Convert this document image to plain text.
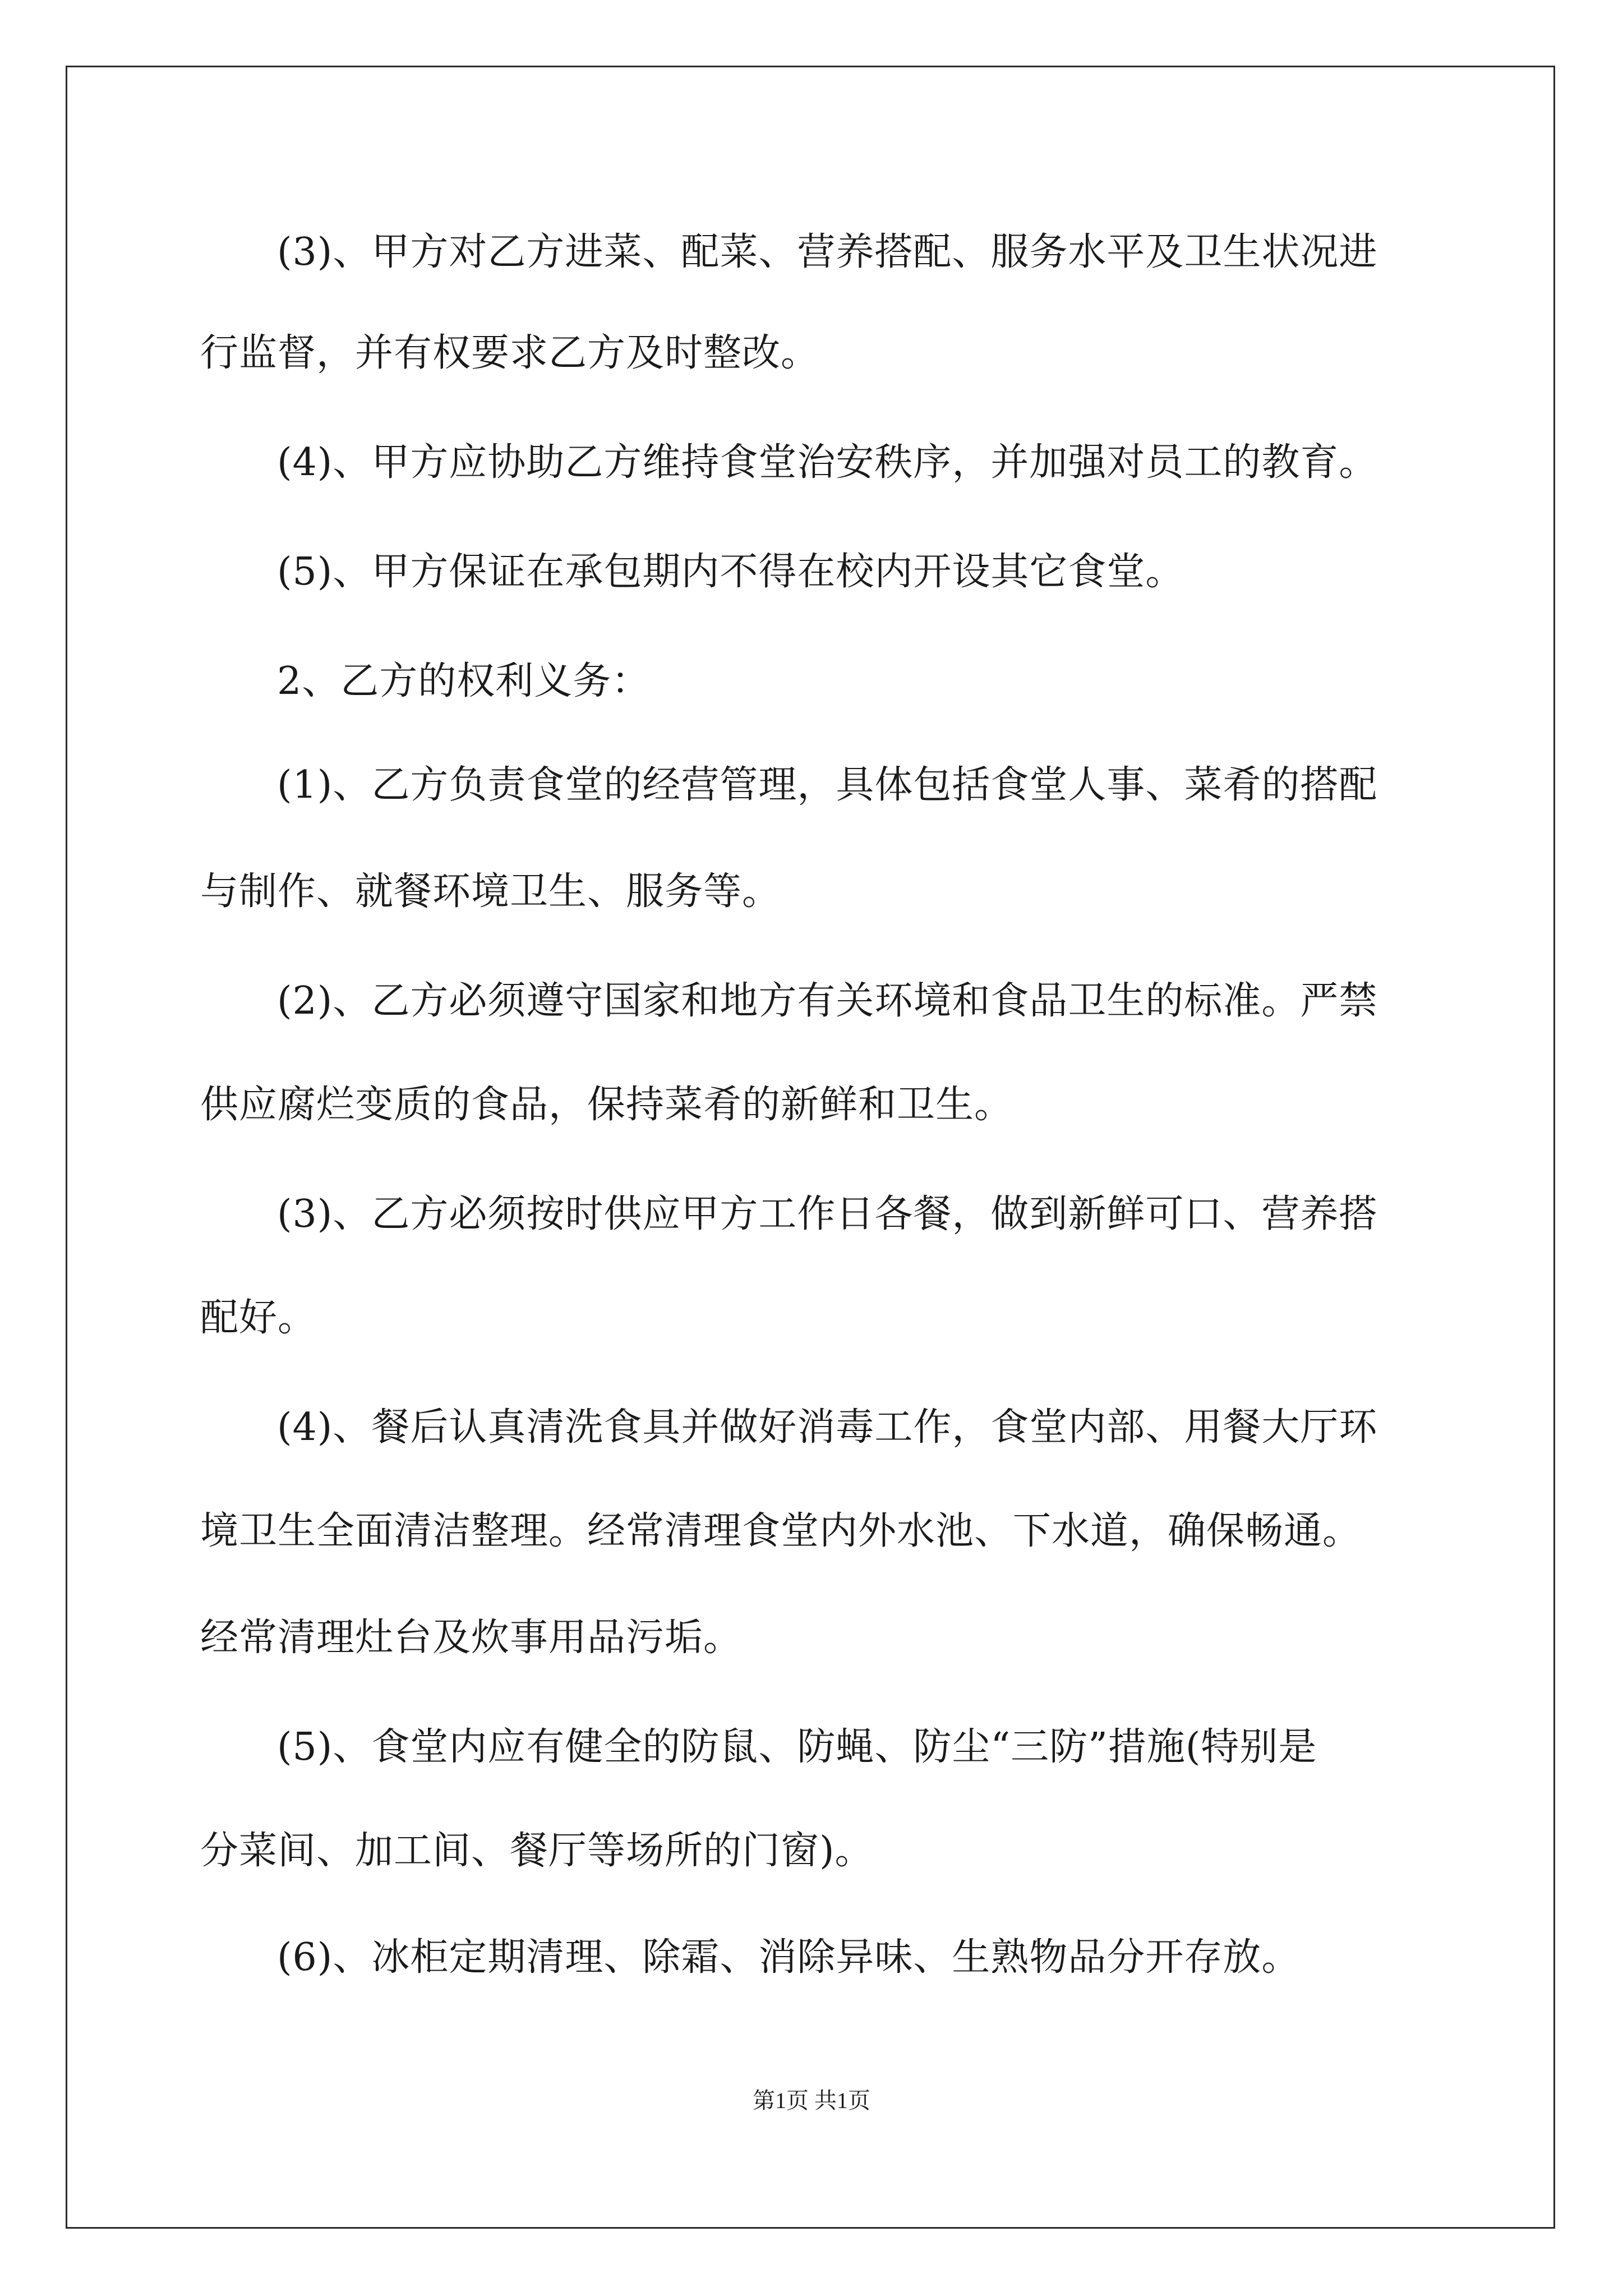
(3)、甲方对乙方进菜、配菜、营养搭配、服务水平及卫生状况进
行监督，并有权要求乙方及时整改。
(4)、甲方应协助乙方维持食堂治安秩序，并加强对员工的教育。
(5)、甲方保证在承包期内不得在校内开设其它食堂。
2、乙方的权利义务：
(1)、乙方负责食堂的经营管理，具体包括食堂人事、菜肴的搭配
与制作、就餐环境卫生、服务等。
(2)、乙方必须遵守国家和地方有关环境和食品卫生的标准。严禁
供应腐烂变质的食品，保持菜肴的新鲜和卫生。
(3)、乙方必须按时供应甲方工作日各餐，做到新鲜可口、营养搭
配好。
(4)、餐后认真清洗食具并做好消毒工作，食堂内部、用餐大厅环
境卫生全面清洁整理。经常清理食堂内外水池、下水道，确保畅通。
经常清理灶台及炊事用品污垢。
(5)、食堂内应有健全的防鼠、防蝇、防尘“三防”措施(特别是
分菜间、加工间、餐厅等场所的门窗)。
(6)、冰柜定期清理、除霜、消除异味、生熟物品分开存放。
第1页 共1页
